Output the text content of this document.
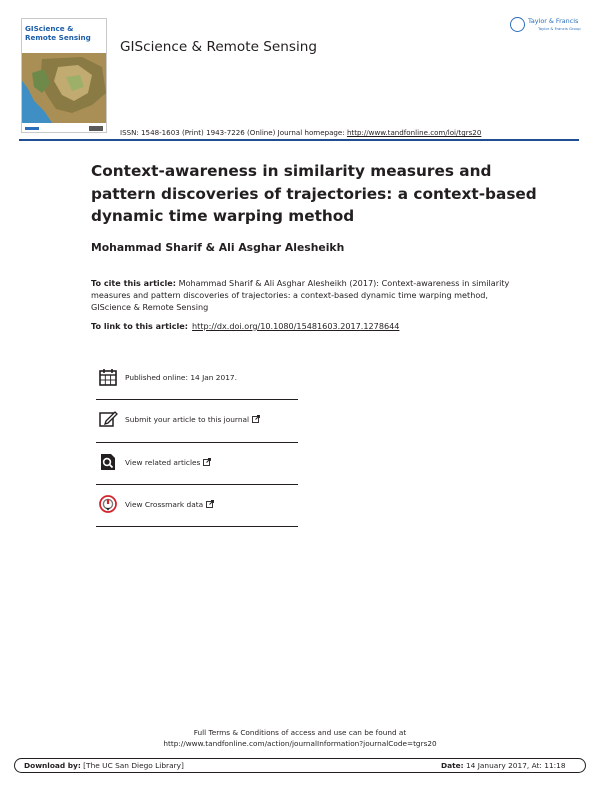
GIScience & Remote Sensing
GIScience & Remote Sensing
Taylor & Francis
Taylor & Francis Group
ISSN: 1548-1603 (Print) 1943-7226 (Online) Journal homepage: http://www.tandfonline.com/loi/tgrs20
Context-awareness in similarity measures and pattern discoveries of trajectories: a context-based dynamic time warping method
Mohammad Sharif & Ali Asghar Alesheikh
To cite this article: Mohammad Sharif & Ali Asghar Alesheikh (2017): Context-awareness in similarity measures and pattern discoveries of trajectories: a context-based dynamic time warping method, GIScience & Remote Sensing
To link to this article: http://dx.doi.org/10.1080/15481603.2017.1278644
Published online: 14 Jan 2017.
Submit your article to this journal
View related articles
View Crossmark data
Full Terms & Conditions of access and use can be found at
http://www.tandfonline.com/action/journalInformation?journalCode=tgrs20
Download by: [The UC San Diego Library]	Date: 14 January 2017, At: 11:18
